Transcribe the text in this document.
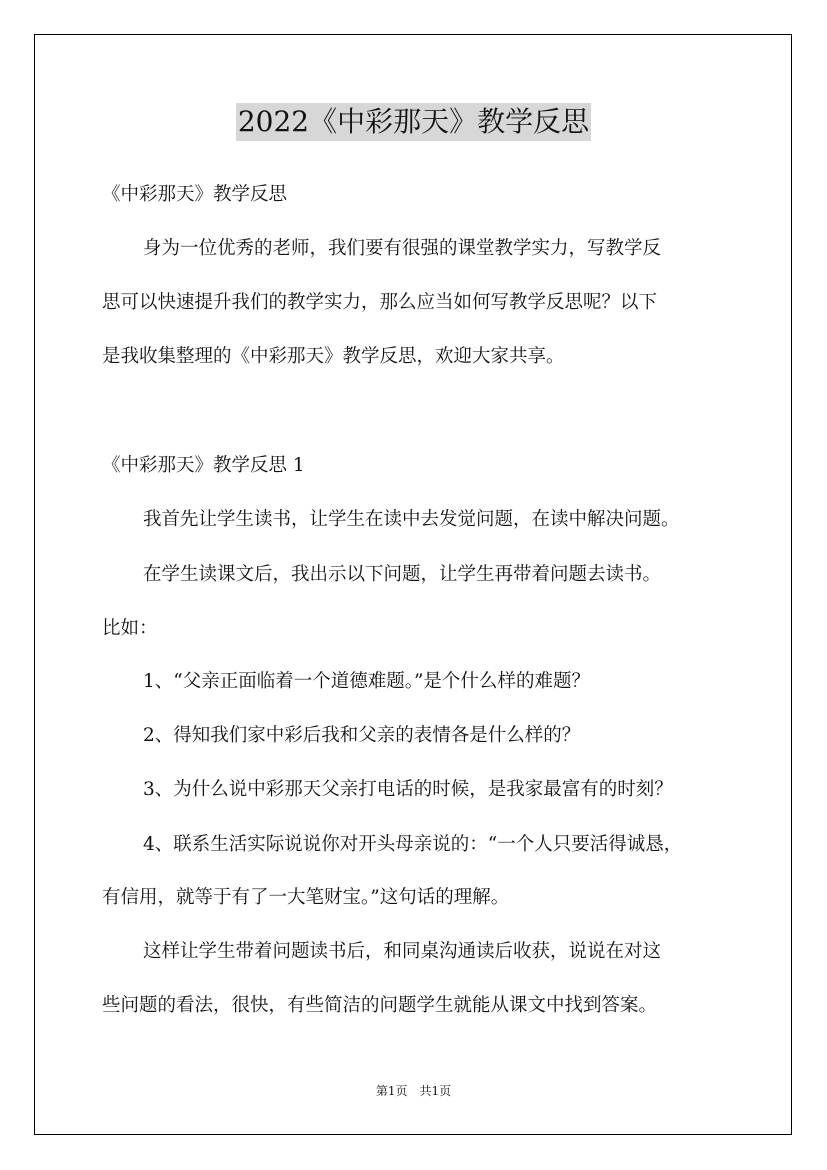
2022《中彩那天》教学反思
《中彩那天》教学反思
身为一位优秀的老师，我们要有很强的课堂教学实力，写教学反
思可以快速提升我们的教学实力，那么应当如何写教学反思呢？以下
是我收集整理的《中彩那天》教学反思，欢迎大家共享。
《中彩那天》教学反思 1
我首先让学生读书，让学生在读中去发觉问题，在读中解决问题。
在学生读课文后，我出示以下问题，让学生再带着问题去读书。
比如：
1、“父亲正面临着一个道德难题。”是个什么样的难题？
2、得知我们家中彩后我和父亲的表情各是什么样的？
3、为什么说中彩那天父亲打电话的时候，是我家最富有的时刻？
4、联系生活实际说说你对开头母亲说的：“一个人只要活得诚恳，
有信用，就等于有了一大笔财宝。”这句话的理解。
这样让学生带着问题读书后，和同桌沟通读后收获，说说在对这
些问题的看法，很快，有些简洁的问题学生就能从课文中找到答案。
第1页　共1页
